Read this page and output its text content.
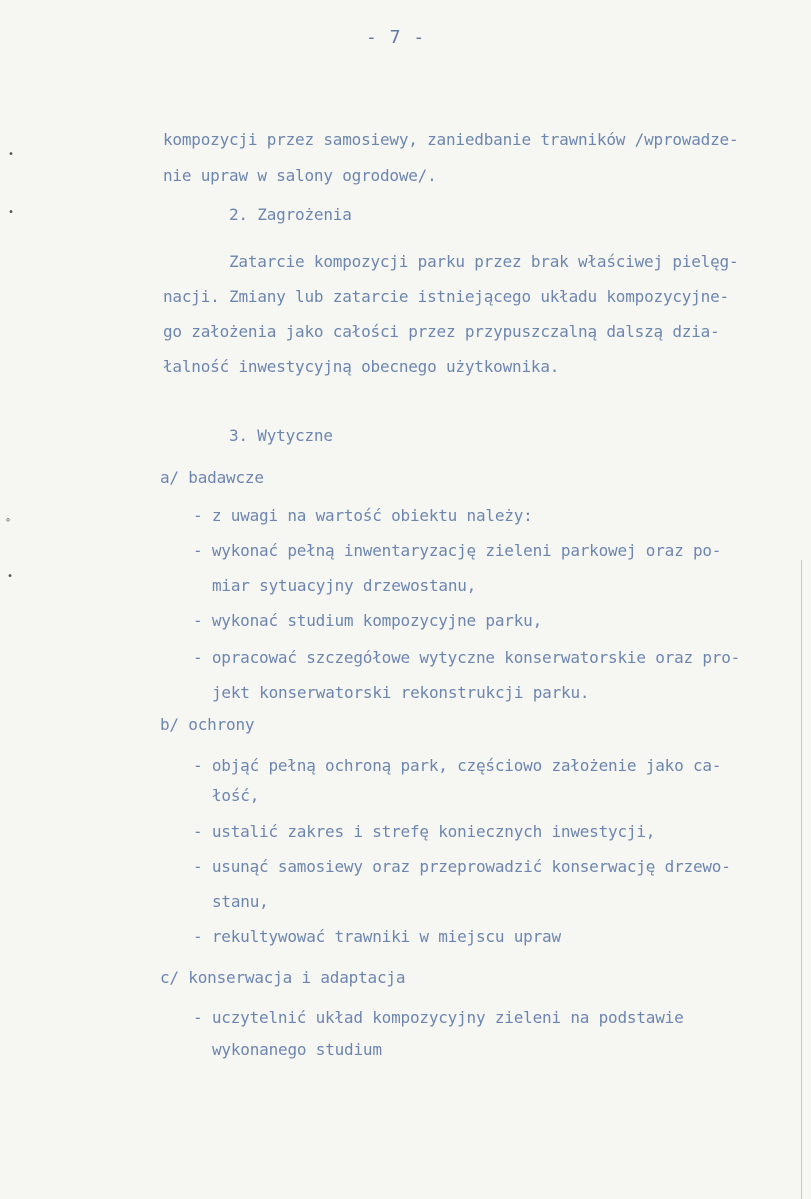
- 7 -
kompozycji przez samosiewy, zaniedbanie trawników /wprowadze-
nie upraw w salony ogrodowe/.
2. Zagrożenia
Zatarcie kompozycji parku przez brak właściwej pielęg-
nacji. Zmiany lub zatarcie istniejącego układu kompozycyjne-
go założenia jako całości przez przypuszczalną dalszą dzia-
łalność inwestycyjną obecnego użytkownika.
3. Wytyczne
a/ badawcze
- z uwagi na wartość obiektu należy:
- wykonać pełną inwentaryzację zieleni parkowej oraz po-
miar sytuacyjny drzewostanu,
- wykonać studium kompozycyjne parku,
- opracować szczegółowe wytyczne konserwatorskie oraz pro-
jekt konserwatorski rekonstrukcji parku.
b/ ochrony
- objąć pełną ochroną park, częściowo założenie jako ca-
łość,
- ustalić zakres i strefę koniecznych inwestycji,
- usunąć samosiewy oraz przeprowadzić konserwację drzewo-
stanu,
- rekultywować trawniki w miejscu upraw
c/ konserwacja i adaptacja
- uczytelnić układ kompozycyjny zieleni na podstawie
wykonanego studium
•
•
∘
•
